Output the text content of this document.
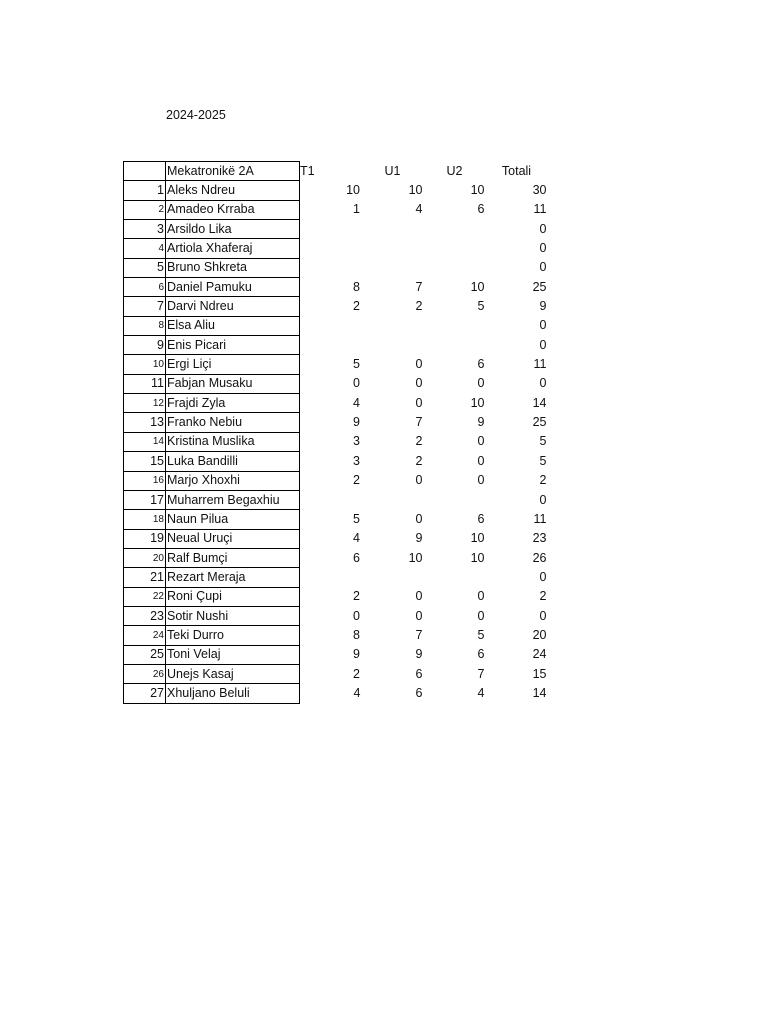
2024-2025
	Mekatronikë 2A	T1	U1	U2	Totali
1	Aleks Ndreu	10	10	10	30
2	Amadeo Krraba	1	4	6	11
3	Arsildo Lika				0
4	Artiola Xhaferaj				0
5	Bruno Shkreta				0
6	Daniel Pamuku	8	7	10	25
7	Darvi Ndreu	2	2	5	9
8	Elsa Aliu				0
9	Enis Picari				0
10	Ergi Liçi	5	0	6	11
11	Fabjan Musaku	0	0	0	0
12	Frajdi Zyla	4	0	10	14
13	Franko Nebiu	9	7	9	25
14	Kristina Muslika	3	2	0	5
15	Luka Bandilli	3	2	0	5
16	Marjo Xhoxhi	2	0	0	2
17	Muharrem Begaxhiu				0
18	Naun Pilua	5	0	6	11
19	Neual Uruçi	4	9	10	23
20	Ralf Bumçi	6	10	10	26
21	Rezart Meraja				0
22	Roni Çupi	2	0	0	2
23	Sotir Nushi	0	0	0	0
24	Teki Durro	8	7	5	20
25	Toni Velaj	9	9	6	24
26	Unejs Kasaj	2	6	7	15
27	Xhuljano Beluli	4	6	4	14
